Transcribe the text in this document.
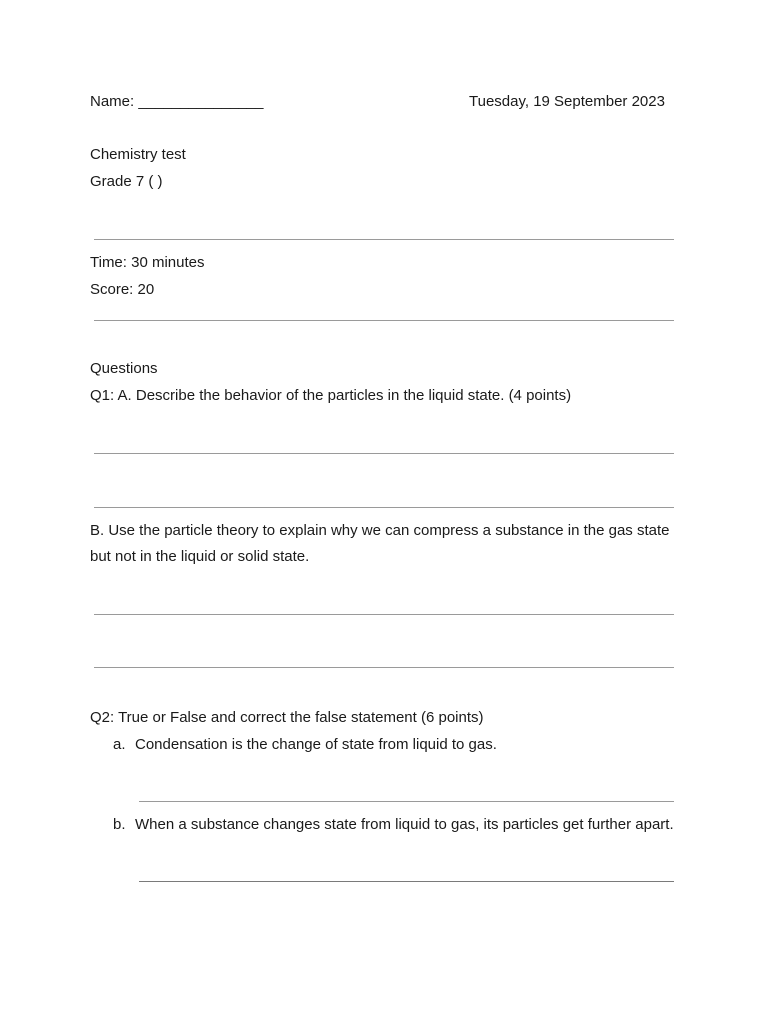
Name: _______________	Tuesday, 19 September 2023
Chemistry test
Grade 7 ( )
Time: 30 minutes
Score: 20
Questions
Q1: A. Describe the behavior of the particles in the liquid state. (4 points)
B. Use the particle theory to explain why we can compress a substance in the gas state
but not in the liquid or solid state.
Q2: True or False and correct the false statement (6 points)
a. Condensation is the change of state from liquid to gas.
b. When a substance changes state from liquid to gas, its particles get further apart.
